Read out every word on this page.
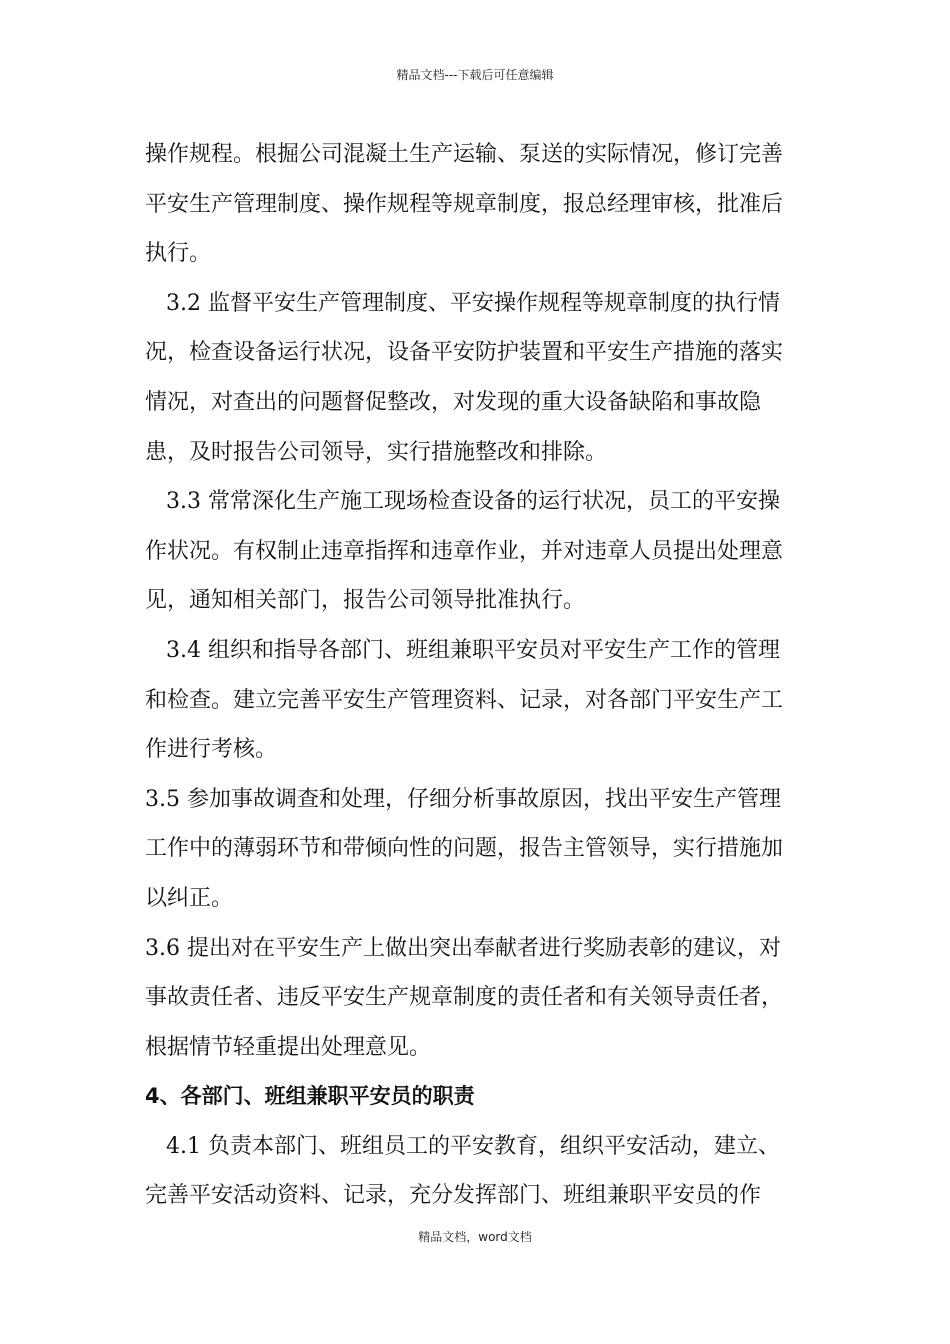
精品文档---下载后可任意编辑
操作规程。根掘公司混凝土生产运输、泵送的实际情况，修订完善
平安生产管理制度、操作规程等规章制度，报总经理审核，批准后
执行。
3.2 监督平安生产管理制度、平安操作规程等规章制度的执行情
况，检查设备运行状况，设备平安防护装置和平安生产措施的落实
情况，对查出的问题督促整改，对发现的重大设备缺陷和事故隐
患，及时报告公司领导，实行措施整改和排除。
3.3 常常深化生产施工现场检查设备的运行状况，员工的平安操
作状况。有权制止违章指挥和违章作业，并对违章人员提出处理意
见，通知相关部门，报告公司领导批准执行。
3.4 组织和指导各部门、班组兼职平安员对平安生产工作的管理
和检查。建立完善平安生产管理资料、记录，对各部门平安生产工
作进行考核。
3.5 参加事故调查和处理，仔细分析事故原因，找出平安生产管理
工作中的薄弱环节和带倾向性的问题，报告主管领导，实行措施加
以纠正。
3.6 提出对在平安生产上做出突出奉献者进行奖励表彰的建议，对
事故责任者、违反平安生产规章制度的责任者和有关领导责任者，
根据情节轻重提出处理意见。
4、各部门、班组兼职平安员的职责
4.1 负责本部门、班组员工的平安教育，组织平安活动，建立、
完善平安活动资料、记录，充分发挥部门、班组兼职平安员的作
精品文档，word文档
